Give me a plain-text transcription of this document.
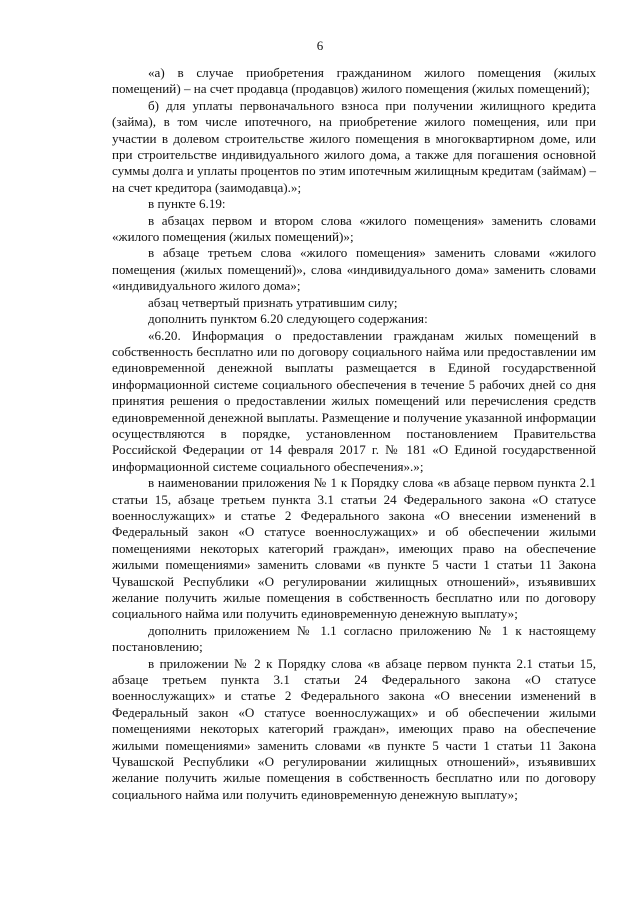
6

«а) в случае приобретения гражданином жилого помещения (жилых помещений) – на счет продавца (продавцов) жилого помещения (жилых помещений);

б) для уплаты первоначального взноса при получении жилищного кредита (займа), в том числе ипотечного, на приобретение жилого помещения, или при участии в долевом строительстве жилого помещения в многоквартирном доме, или при строительстве индивидуального жилого дома, а также для погашения основной суммы долга и уплаты процентов по этим ипотечным жилищным кредитам (займам) – на счет кредитора (заимодавца).»;

в пункте 6.19:

в абзацах первом и втором слова «жилого помещения» заменить словами «жилого помещения (жилых помещений)»;

в абзаце третьем слова «жилого помещения» заменить словами «жилого помещения (жилых помещений)», слова «индивидуального дома» заменить словами «индивидуального жилого дома»;

абзац четвертый признать утратившим силу;

дополнить пунктом 6.20 следующего содержания:

«6.20. Информация о предоставлении гражданам жилых помещений в собственность бесплатно или по договору социального найма или предоставлении им единовременной денежной выплаты размещается в Единой государственной информационной системе социального обеспечения в течение 5 рабочих дней со дня принятия решения о предоставлении жилых помещений или перечисления средств единовременной денежной выплаты. Размещение и получение указанной информации осуществляются в порядке, установленном постановлением Правительства Российской Федерации от 14 февраля 2017 г. № 181 «О Единой государственной информационной системе социального обеспечения».»;

в наименовании приложения № 1 к Порядку слова «в абзаце первом пункта 2.1 статьи 15, абзаце третьем пункта 3.1 статьи 24 Федерального закона «О статусе военнослужащих» и статье 2 Федерального закона «О внесении изменений в Федеральный закон «О статусе военнослужащих» и об обеспечении жилыми помещениями некоторых категорий граждан», имеющих право на обеспечение жилыми помещениями» заменить словами «в пункте 5 части 1 статьи 11 Закона Чувашской Республики «О регулировании жилищных отношений», изъявивших желание получить жилые помещения в собственность бесплатно или по договору социального найма или получить единовременную денежную выплату»;

дополнить приложением № 1.1 согласно приложению № 1 к настоящему постановлению;

в приложении № 2 к Порядку слова «в абзаце первом пункта 2.1 статьи 15, абзаце третьем пункта 3.1 статьи 24 Федерального закона «О статусе военнослужащих» и статье 2 Федерального закона «О внесении изменений в Федеральный закон «О статусе военнослужащих» и об обеспечении жилыми помещениями некоторых категорий граждан», имеющих право на обеспечение жилыми помещениями» заменить словами «в пункте 5 части 1 статьи 11 Закона Чувашской Республики «О регулировании жилищных отношений», изъявивших желание получить жилые помещения в собственность бесплатно или по договору социального найма или получить единовременную денежную выплату»;
